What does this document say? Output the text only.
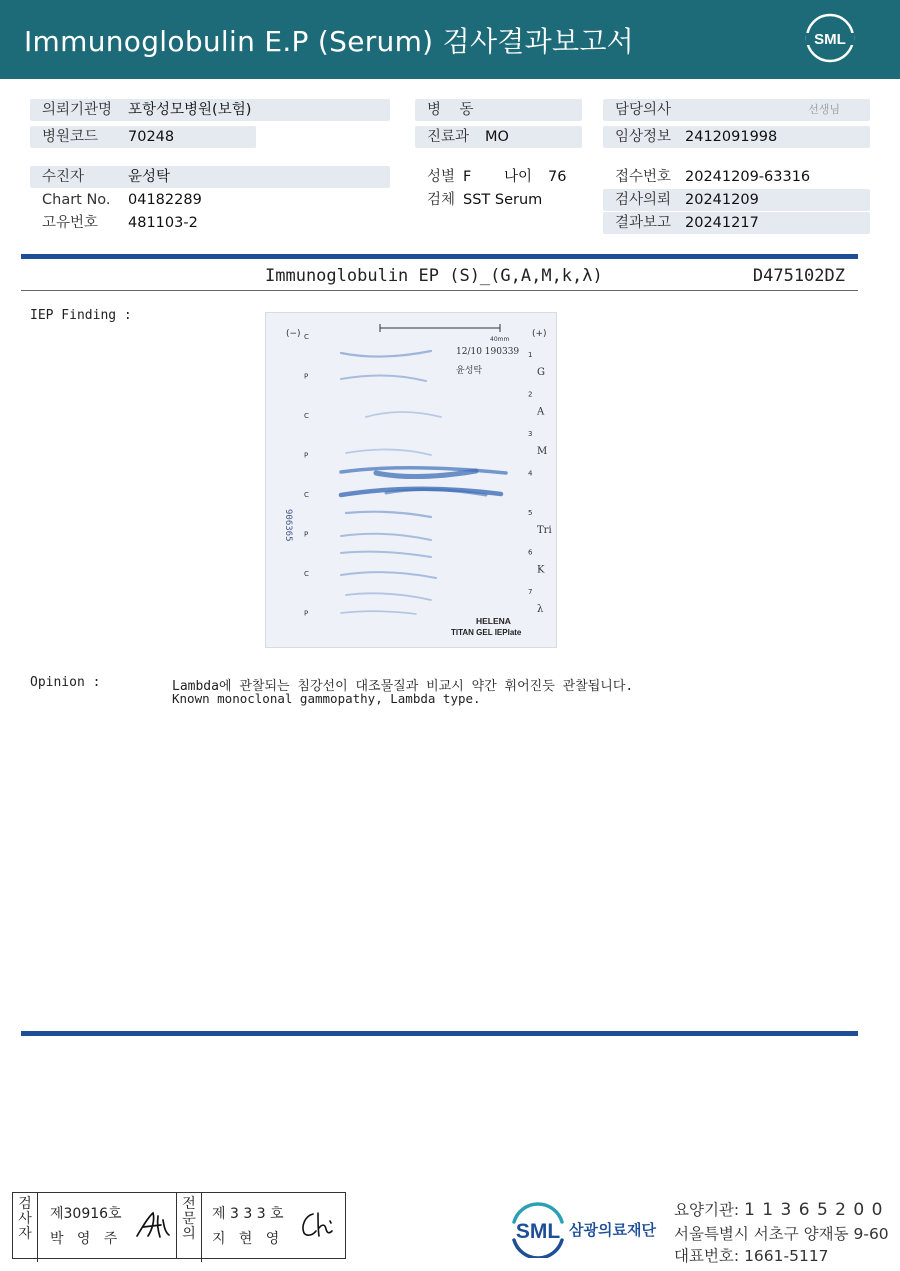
Immunoglobulin E.P (Serum) 검사결과보고서	SML
의뢰기관명 포항성모병원(보험)
병원코드 70248
수진자	윤성탁
Chart No. 04182289
고유번호 481103-2
병    동
진료과 MO
성별 F 나이 76
검체 SST Serum
담당의사	선생님
임상정보 2412091998
접수번호 20241209-63316
검사의뢰 20241209
결과보고 20241217
Immunoglobulin EP (S)_(G,A,M,k,λ)	D475102DZ
IEP Finding :
(−)	(+)
40mm
12/10 190339
윤성탁
906365
C
P
C
P
C
P
C
P
1
G
2
A
3
M
4
5
Tri
6
K
7
λ
HELENA
TITAN GEL IEPlate
Opinion :	Lambda에 관찰되는 침강선이 대조물질과 비교시 약간 휘어진듯 관찰됩니다.
Known monoclonal gammopathy, Lambda type.
검
사
자
제30916호
박   영   주
전
문
의
제 3 3 3 호
지   현   영	SML 삼광의료재단
요양기관: 1 1 3 6 5 2 0 0
서울특별시 서초구 양재동 9-60
대표번호: 1661-5117
